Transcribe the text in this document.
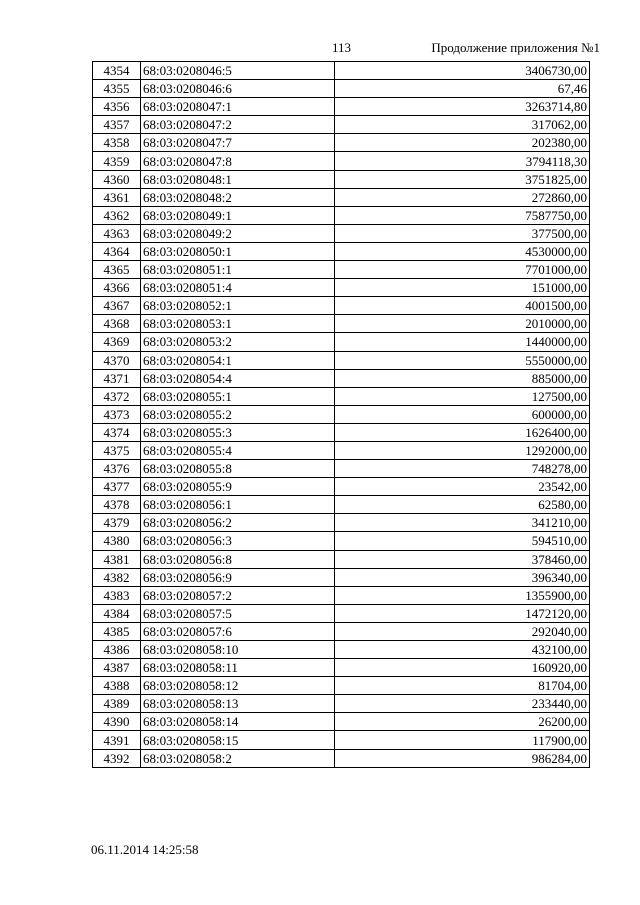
113	Продолжение приложения №1
4354	68:03:0208046:5	3406730,00
4355	68:03:0208046:6	67,46
4356	68:03:0208047:1	3263714,80
4357	68:03:0208047:2	317062,00
4358	68:03:0208047:7	202380,00
4359	68:03:0208047:8	3794118,30
4360	68:03:0208048:1	3751825,00
4361	68:03:0208048:2	272860,00
4362	68:03:0208049:1	7587750,00
4363	68:03:0208049:2	377500,00
4364	68:03:0208050:1	4530000,00
4365	68:03:0208051:1	7701000,00
4366	68:03:0208051:4	151000,00
4367	68:03:0208052:1	4001500,00
4368	68:03:0208053:1	2010000,00
4369	68:03:0208053:2	1440000,00
4370	68:03:0208054:1	5550000,00
4371	68:03:0208054:4	885000,00
4372	68:03:0208055:1	127500,00
4373	68:03:0208055:2	600000,00
4374	68:03:0208055:3	1626400,00
4375	68:03:0208055:4	1292000,00
4376	68:03:0208055:8	748278,00
4377	68:03:0208055:9	23542,00
4378	68:03:0208056:1	62580,00
4379	68:03:0208056:2	341210,00
4380	68:03:0208056:3	594510,00
4381	68:03:0208056:8	378460,00
4382	68:03:0208056:9	396340,00
4383	68:03:0208057:2	1355900,00
4384	68:03:0208057:5	1472120,00
4385	68:03:0208057:6	292040,00
4386	68:03:0208058:10	432100,00
4387	68:03:0208058:11	160920,00
4388	68:03:0208058:12	81704,00
4389	68:03:0208058:13	233440,00
4390	68:03:0208058:14	26200,00
4391	68:03:0208058:15	117900,00
4392	68:03:0208058:2	986284,00
06.11.2014 14:25:58
